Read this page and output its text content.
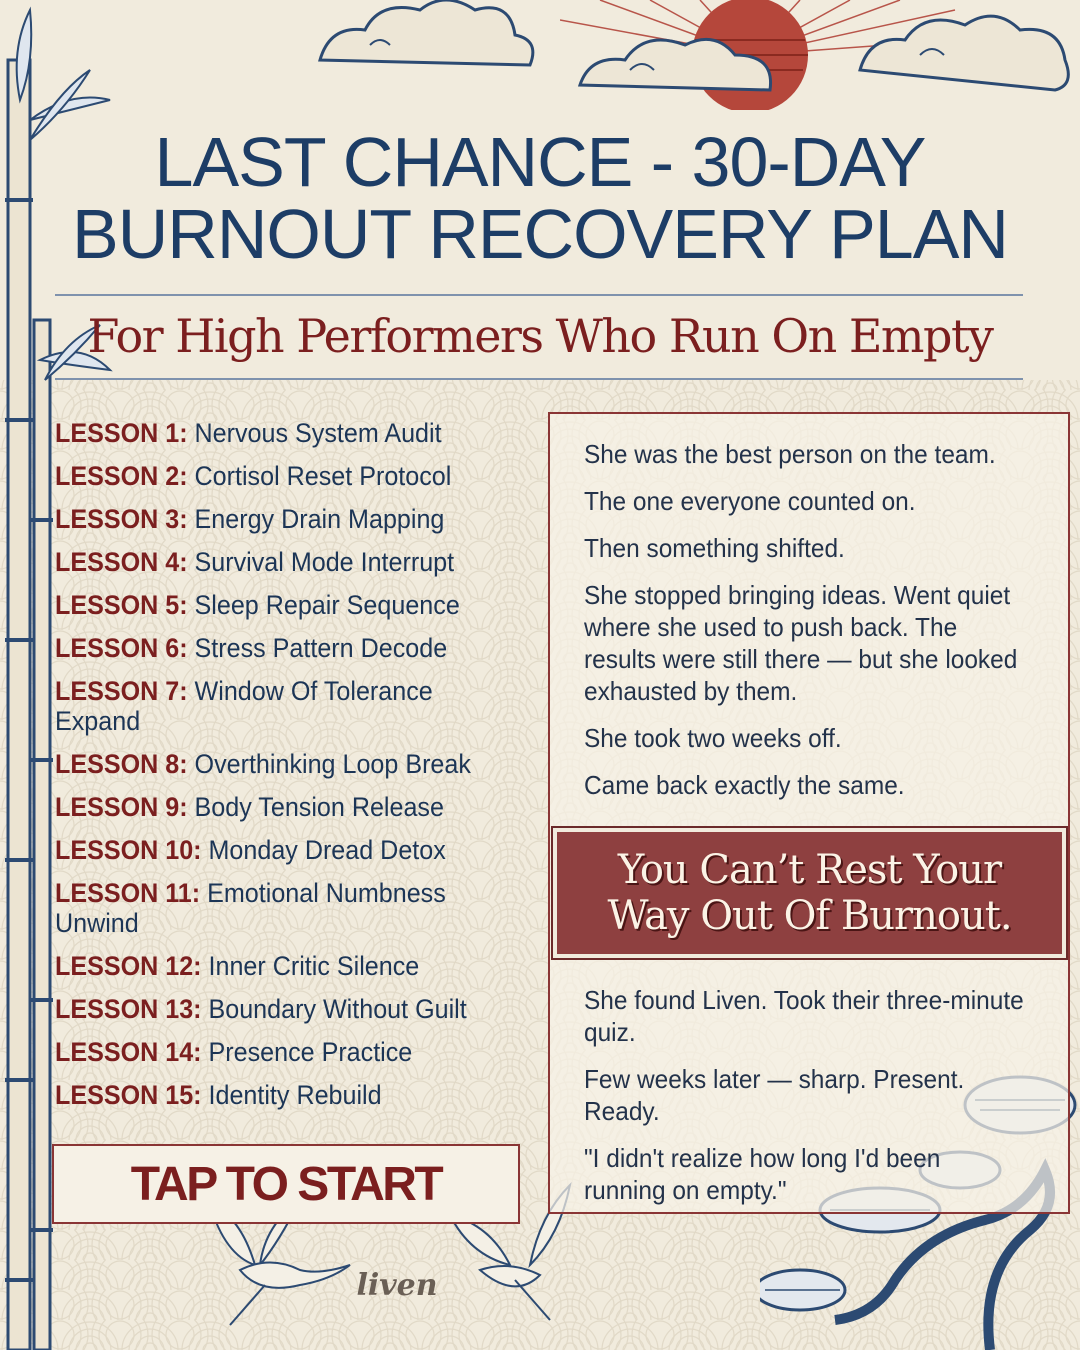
LAST CHANCE - 30-DAY
BURNOUT RECOVERY PLAN
For High Performers Who Run On Empty
LESSON 1: Nervous System Audit
LESSON 2: Cortisol Reset Protocol
LESSON 3: Energy Drain Mapping
LESSON 4: Survival Mode Interrupt
LESSON 5: Sleep Repair Sequence
LESSON 6: Stress Pattern Decode
LESSON 7: Window Of Tolerance Expand
LESSON 8: Overthinking Loop Break
LESSON 9: Body Tension Release
LESSON 10: Monday Dread Detox
LESSON 11: Emotional Numbness Unwind
LESSON 12: Inner Critic Silence
LESSON 13: Boundary Without Guilt
LESSON 14: Presence Practice
LESSON 15: Identity Rebuild
TAP TO START

She was the best person on the team.

The one everyone counted on.

Then something shifted.

She stopped bringing ideas. Went quiet where she used to push back. The results were still there — but she looked exhausted by them.

She took two weeks off.

Came back exactly the same.

You Can’t Rest Your
Way Out Of Burnout.

She found Liven. Took their three-minute quiz.

Few weeks later — sharp. Present. Ready.

"I didn't realize how long I'd been running on empty."

liven
